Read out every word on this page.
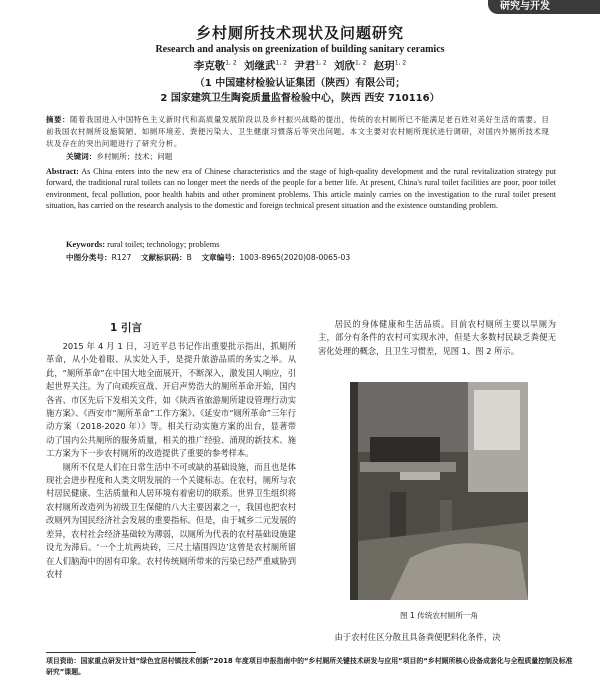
研究与开发
乡村厕所技术现状及问题研究
Research and analysis on greenization of building sanitary ceramics
李克敬$^{1, 2}$ 刘继武$^{1, 2}$ 尹君$^{1, 2}$ 刘欣$^{1, 2}$ 赵玥$^{1, 2}$
（1 中国建材检验认证集团（陕西）有限公司；
2 国家建筑卫生陶瓷质量监督检验中心，陕西 西安 710116）
摘要：随着我国进入中国特色主义新时代和高质量发展阶段以及乡村振兴战略的提出，传统的农村厕所已不能满足老百姓对美好生活的需要。目前我国农村厕所设施简陋、如厕环境差、粪便污染大、卫生健康习惯落后等突出问题。本文主要对农村厕所现状进行调研，对国内外厕所技术现状及存在的突出问题进行了研究分析。
关键词：乡村厕所；技术；问题
Abstract: As China enters into the new era of Chinese characteristics and the stage of high-quality development and the rural revitalization strategy put forward, the traditional rural toilets can no longer meet the needs of the people for a better life. At present, China's rural toilet facilities are poor, poor toilet environment, fecal pollution, poor health habits and other prominent problems. This article mainly carries on the investigation to the rural toilet present situation, has carried on the research analysis to the domestic and foreign technical present situation and the existence outstanding problem.
Keywords: rural toilet; technology; problems
中图分类号：R127 文献标识码：B 文章编号：1003-8965(2020)08-0065-03
1 引言

2015 年 4 月 1 日，习近平总书记作出重要批示指出，抓厕所革命，从小处着眼、从实处入手，是提升旅游品质的务实之举。从此，“厕所革命”在中国大地全面展开，不断深入，激发国人响应，引起世界关注。为了向顽疾宣战、开启声势浩大的厕所革命开始，国内各省、市区先后下发相关文件，如《陕西省旅游厕所建设管理行动实施方案》、《西安市“厕所革命”工作方案》、《延安市“厕所革命”三年行动方案（2018-2020 年）》等。相关行动实施方案的出台，显著带动了国内公共厕所的服务质量，相关的推广经验、涌现的新技术、施工方案为下一步农村厕所的改造提供了重要的参考样本。

厕所不仅是人们在日常生活中不可或缺的基础设施，而且也是体现社会进步程度和人类文明发展的一个关键标志。在农村，厕所与农村居民健康、生活质量和人居环境有着密切的联系。世界卫生组织将农村厕所改造列为初级卫生保健的八大主要因素之一，我国也把农村改厕列为国民经济社会发展的重要指标。但是，由于城乡二元发展的差异，农村社会经济基础较为薄弱，以厕所为代表的农村基础设施建设尤为滞后。‘一个土坑两块砖，三尺土墙围四边’这曾是农村厕所留在人们脑海中的固有印象。农村传统厕所带来的污染已经严重威胁到农村

居民的身体健康和生活品质。目前农村厕所主要以旱厕为主，部分有条件的农村可实现水冲，但是大多数村民缺乏粪便无害化处理的概念，且卫生习惯差，见图 1、图 2 所示。

图 1 传统农村厕所一角

由于农村住区分散且具备粪便肥料化条件，决

项目资助：国家重点研发计划“绿色宜居村镇技术创新”2018 年度项目申报指南中的“乡村厕所关键技术研发与应用”项目的“乡村厕所核心设备成套化与全程质量控制及标准研究”课题。
